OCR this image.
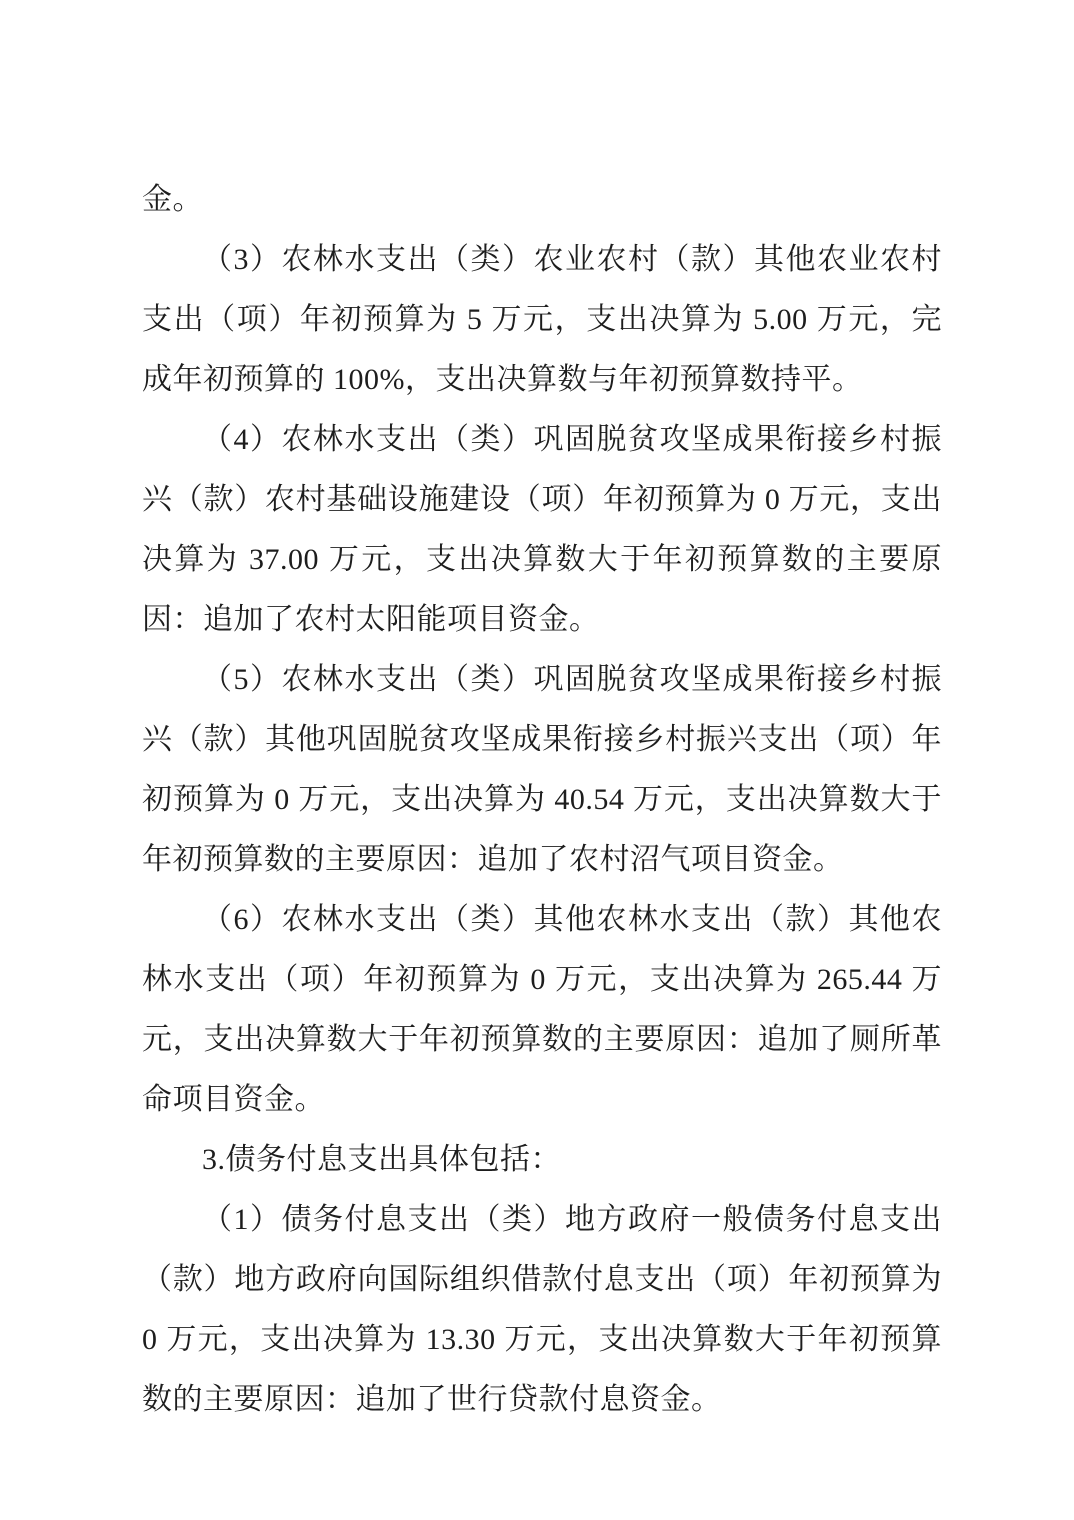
金。

（3）农林水支出（类）农业农村（款）其他农业农村支出（项）年初预算为 5 万元，支出决算为 5.00 万元，完成年初预算的 100%，支出决算数与年初预算数持平。

（4）农林水支出（类）巩固脱贫攻坚成果衔接乡村振兴（款）农村基础设施建设（项）年初预算为 0 万元，支出决算为 37.00 万元，支出决算数大于年初预算数的主要原因：追加了农村太阳能项目资金。

（5）农林水支出（类）巩固脱贫攻坚成果衔接乡村振兴（款）其他巩固脱贫攻坚成果衔接乡村振兴支出（项）年初预算为 0 万元，支出决算为 40.54 万元，支出决算数大于年初预算数的主要原因：追加了农村沼气项目资金。

（6）农林水支出（类）其他农林水支出（款）其他农林水支出（项）年初预算为 0 万元，支出决算为 265.44 万元，支出决算数大于年初预算数的主要原因：追加了厕所革命项目资金。

3.债务付息支出具体包括：

（1）债务付息支出（类）地方政府一般债务付息支出（款）地方政府向国际组织借款付息支出（项）年初预算为 0 万元，支出决算为 13.30 万元，支出决算数大于年初预算数的主要原因：追加了世行贷款付息资金。
